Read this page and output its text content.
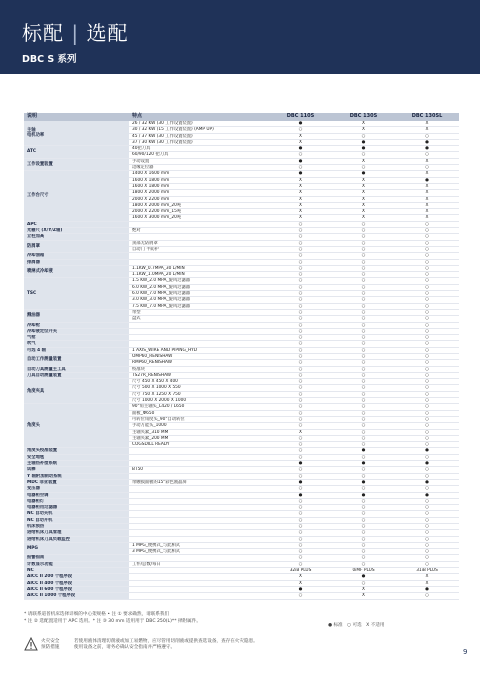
标配 | 选配
DBC S 系列
说明	特点	DBC 110S	DBC 130S	DBC 130SL
主轴
电机功率	26 / 32 KW (30 工作设置装置)	●	X	X
	30 / 32 KW (15 工作设置装置) (AMP UP)	○	X	X
	45 / 37 KW (30 工作设置装置)	X	○	○
	37 / 30 KW (30 工作设置装置)	X	●	●
ATC	40把刀具	●	●	●
	60/90/120 把刀具	○	○	○
工作设置装置	手动设置	●	X	X
	边缘定位器	○	○	○
工作台尺寸	1400 X 1600 mm	●	●	X
	1600 X 1800 mm	X	X	●
	1600 X 1800 mm	X	X	X
	1800 X 2000 mm	X	X	X
	2000 X 2200 mm	X	X	X
	1800 X 2000 mm_20吨	X	X	X
	2000 X 2200 mm_15吨	X	X	X
	1600 X 3000 mm_20吨	X	X	X
APC		○	○	○
光栅尺 (X/Y/Z轴)	绝对	○	○	○
立柱加高		○	○	○
防屑罩	顶部无防屑罩	○	○	○
	自动门 半防护	○	○	○
冷却油箱		○	○	○
排屑器		○	○	○
喷淋式冷却液	1.1KW_0.7MPA_30 L/MIN	○	○	○
	1.1KW_1.0MPA_20 L/MIN	○	○	○
TSC	1.5 KW_2.0 MPA_旋风过滤器	○	○	○
	6.0 KW_2.0 MPA_旋风过滤器	○	○	○
	6.0 KW_7.0 MPA_旋风过滤器	○	○	○
	3.0 KW_3.0 MPA_旋风过滤器	○	○	○
	7.5 KW_7.0 MPA_旋风过滤器	○	○	○
溅油器	带型	○	○	○
	盘式	○	○	○
冷却枪		○	○	○
冷却液定位开关		○	○	○
气枪		○	○	○
吹气		○	○	○
可选 4 轴	1 AXIS_WIRE AND PIPING_HYD	○	○	○
自动工作测量装置	OMP60_RENISHAW	○	○	○
	RMP60_RENISHAW	○	○	○
自动刀具测量主工具	校准块	○	○	○
刀具自动测量装置	TS27R_RENISHAW	○	○	○
角度夹具	尺寸 450 X 450 X 400	○	○	○
	尺寸 500 X 1000 X 550	○	○	○
	尺寸 750 X 1250 X 750	○	○	○
	尺寸 1000 X 2000 X 1000	○	○	○
角度头	90°角主轴头_L420 / L650	○	○	○
	面板_Φ650	○	○	○
	可转位角度头_90°自动转位	○	○	○
	手动万能头_1000	○	○	○
	主轴夹紧_310 MM	X	○	○
	主轴夹紧_200 MM	○	○	○
	COGSDILL READY	○	○	○
角度头校准装置		○	●	●
安全地毯		○	○	○
主轴热补偿系统		●	●	●
试棒	BT50	○	○	○
Y 轴附加制动系统		○	○	○
MDC 菲亚装置	带触摸面板的15"彩色液晶屏	●	●	●
变压器		○	○	○
电器柜空调		●	●	●
电器柜灯		○	○	○
电器柜用过滤器		○	○	○
NC 自动关机		○	○	○
NC 自动开机		○	○	○
机床预热		○	○	○
进给机床刀具管理		○	○	○
进给机床刀具负载监控		○	○	○
MPG	1 MPG_便携式_与此相式	○	○	○
	3 MPG_便携式_与此相式	○	○	○
报警指南		○	○	○
计数显示功能	工件/总数/每日	○	○	○
NC		32iB PLUS	0iMF PLUS	31iB PLUS
AICC II 200 个程序段		X	●	X
AICC II 400 个程序段		X	○	X
AICC II 600 个程序段		●	X	●
AICC II 1000 个程序段		○	X	○
* 请联系道普机床选择详细的中心架规格 • 注 ① 要求确然，请联系我们
* 注 ② 选配置适用于 APC 选用。* 注 ③ 30 mm 适用用于 DBC 250(L)** 择附属件。
● 标准 ○ 可选 X 不适用
火灾安全
预防措施
若使用液体清理切削液或加工易燃物，应尽管用切削液或提供查选设备，查存在火灾隐患。
使用设备之前，请务必确认安全指南并严格遵守。
9
